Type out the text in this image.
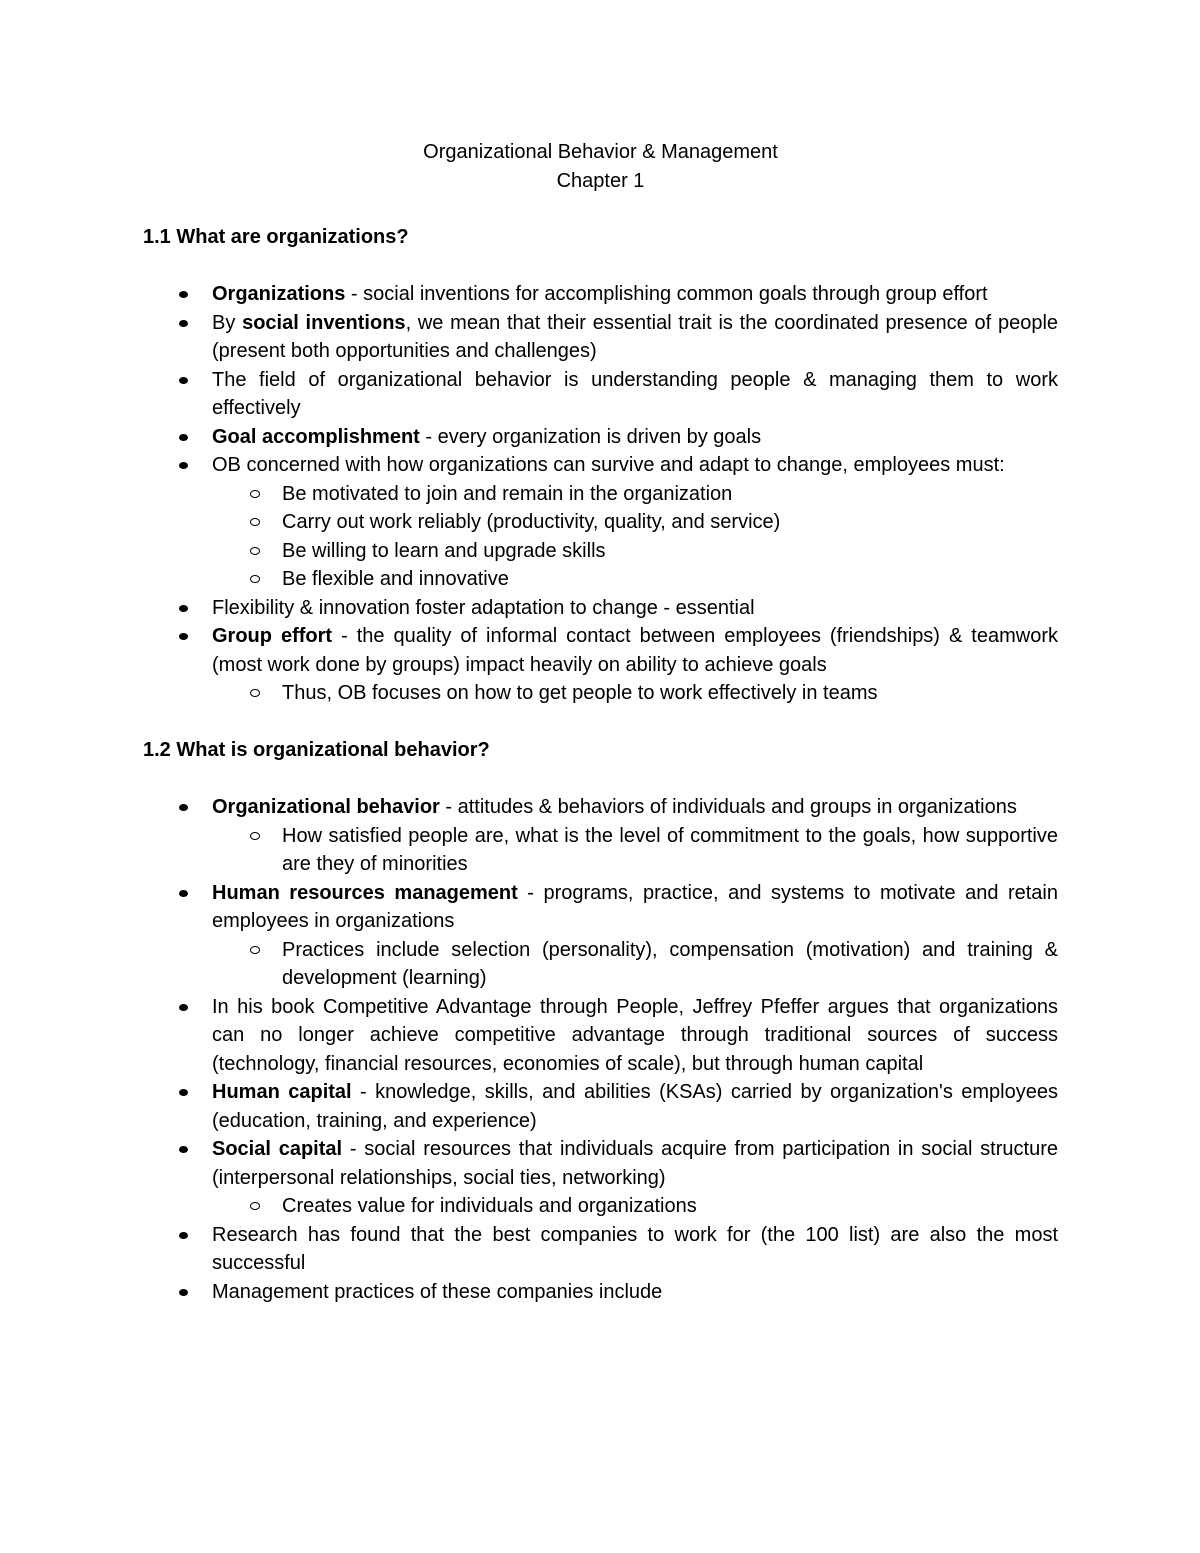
Organizational Behavior & Management
Chapter 1
1.1 What are organizations?
Organizations - social inventions for accomplishing common goals through group effort
By social inventions, we mean that their essential trait is the coordinated presence of people (present both opportunities and challenges)
The field of organizational behavior is understanding people & managing them to work effectively
Goal accomplishment - every organization is driven by goals
OB concerned with how organizations can survive and adapt to change, employees must:
Be motivated to join and remain in the organization
Carry out work reliably (productivity, quality, and service)
Be willing to learn and upgrade skills
Be flexible and innovative
Flexibility & innovation foster adaptation to change - essential
Group effort - the quality of informal contact between employees (friendships) & teamwork (most work done by groups) impact heavily on ability to achieve goals
Thus, OB focuses on how to get people to work effectively in teams
1.2 What is organizational behavior?
Organizational behavior - attitudes & behaviors of individuals and groups in organizations
How satisfied people are, what is the level of commitment to the goals, how supportive are they of minorities
Human resources management - programs, practice, and systems to motivate and retain employees in organizations
Practices include selection (personality), compensation (motivation) and training & development (learning)
In his book Competitive Advantage through People, Jeffrey Pfeffer argues that organizations can no longer achieve competitive advantage through traditional sources of success (technology, financial resources, economies of scale), but through human capital
Human capital - knowledge, skills, and abilities (KSAs) carried by organization's employees (education, training, and experience)
Social capital - social resources that individuals acquire from participation in social structure (interpersonal relationships, social ties, networking)
Creates value for individuals and organizations
Research has found that the best companies to work for (the 100 list) are also the most successful
Management practices of these companies include
